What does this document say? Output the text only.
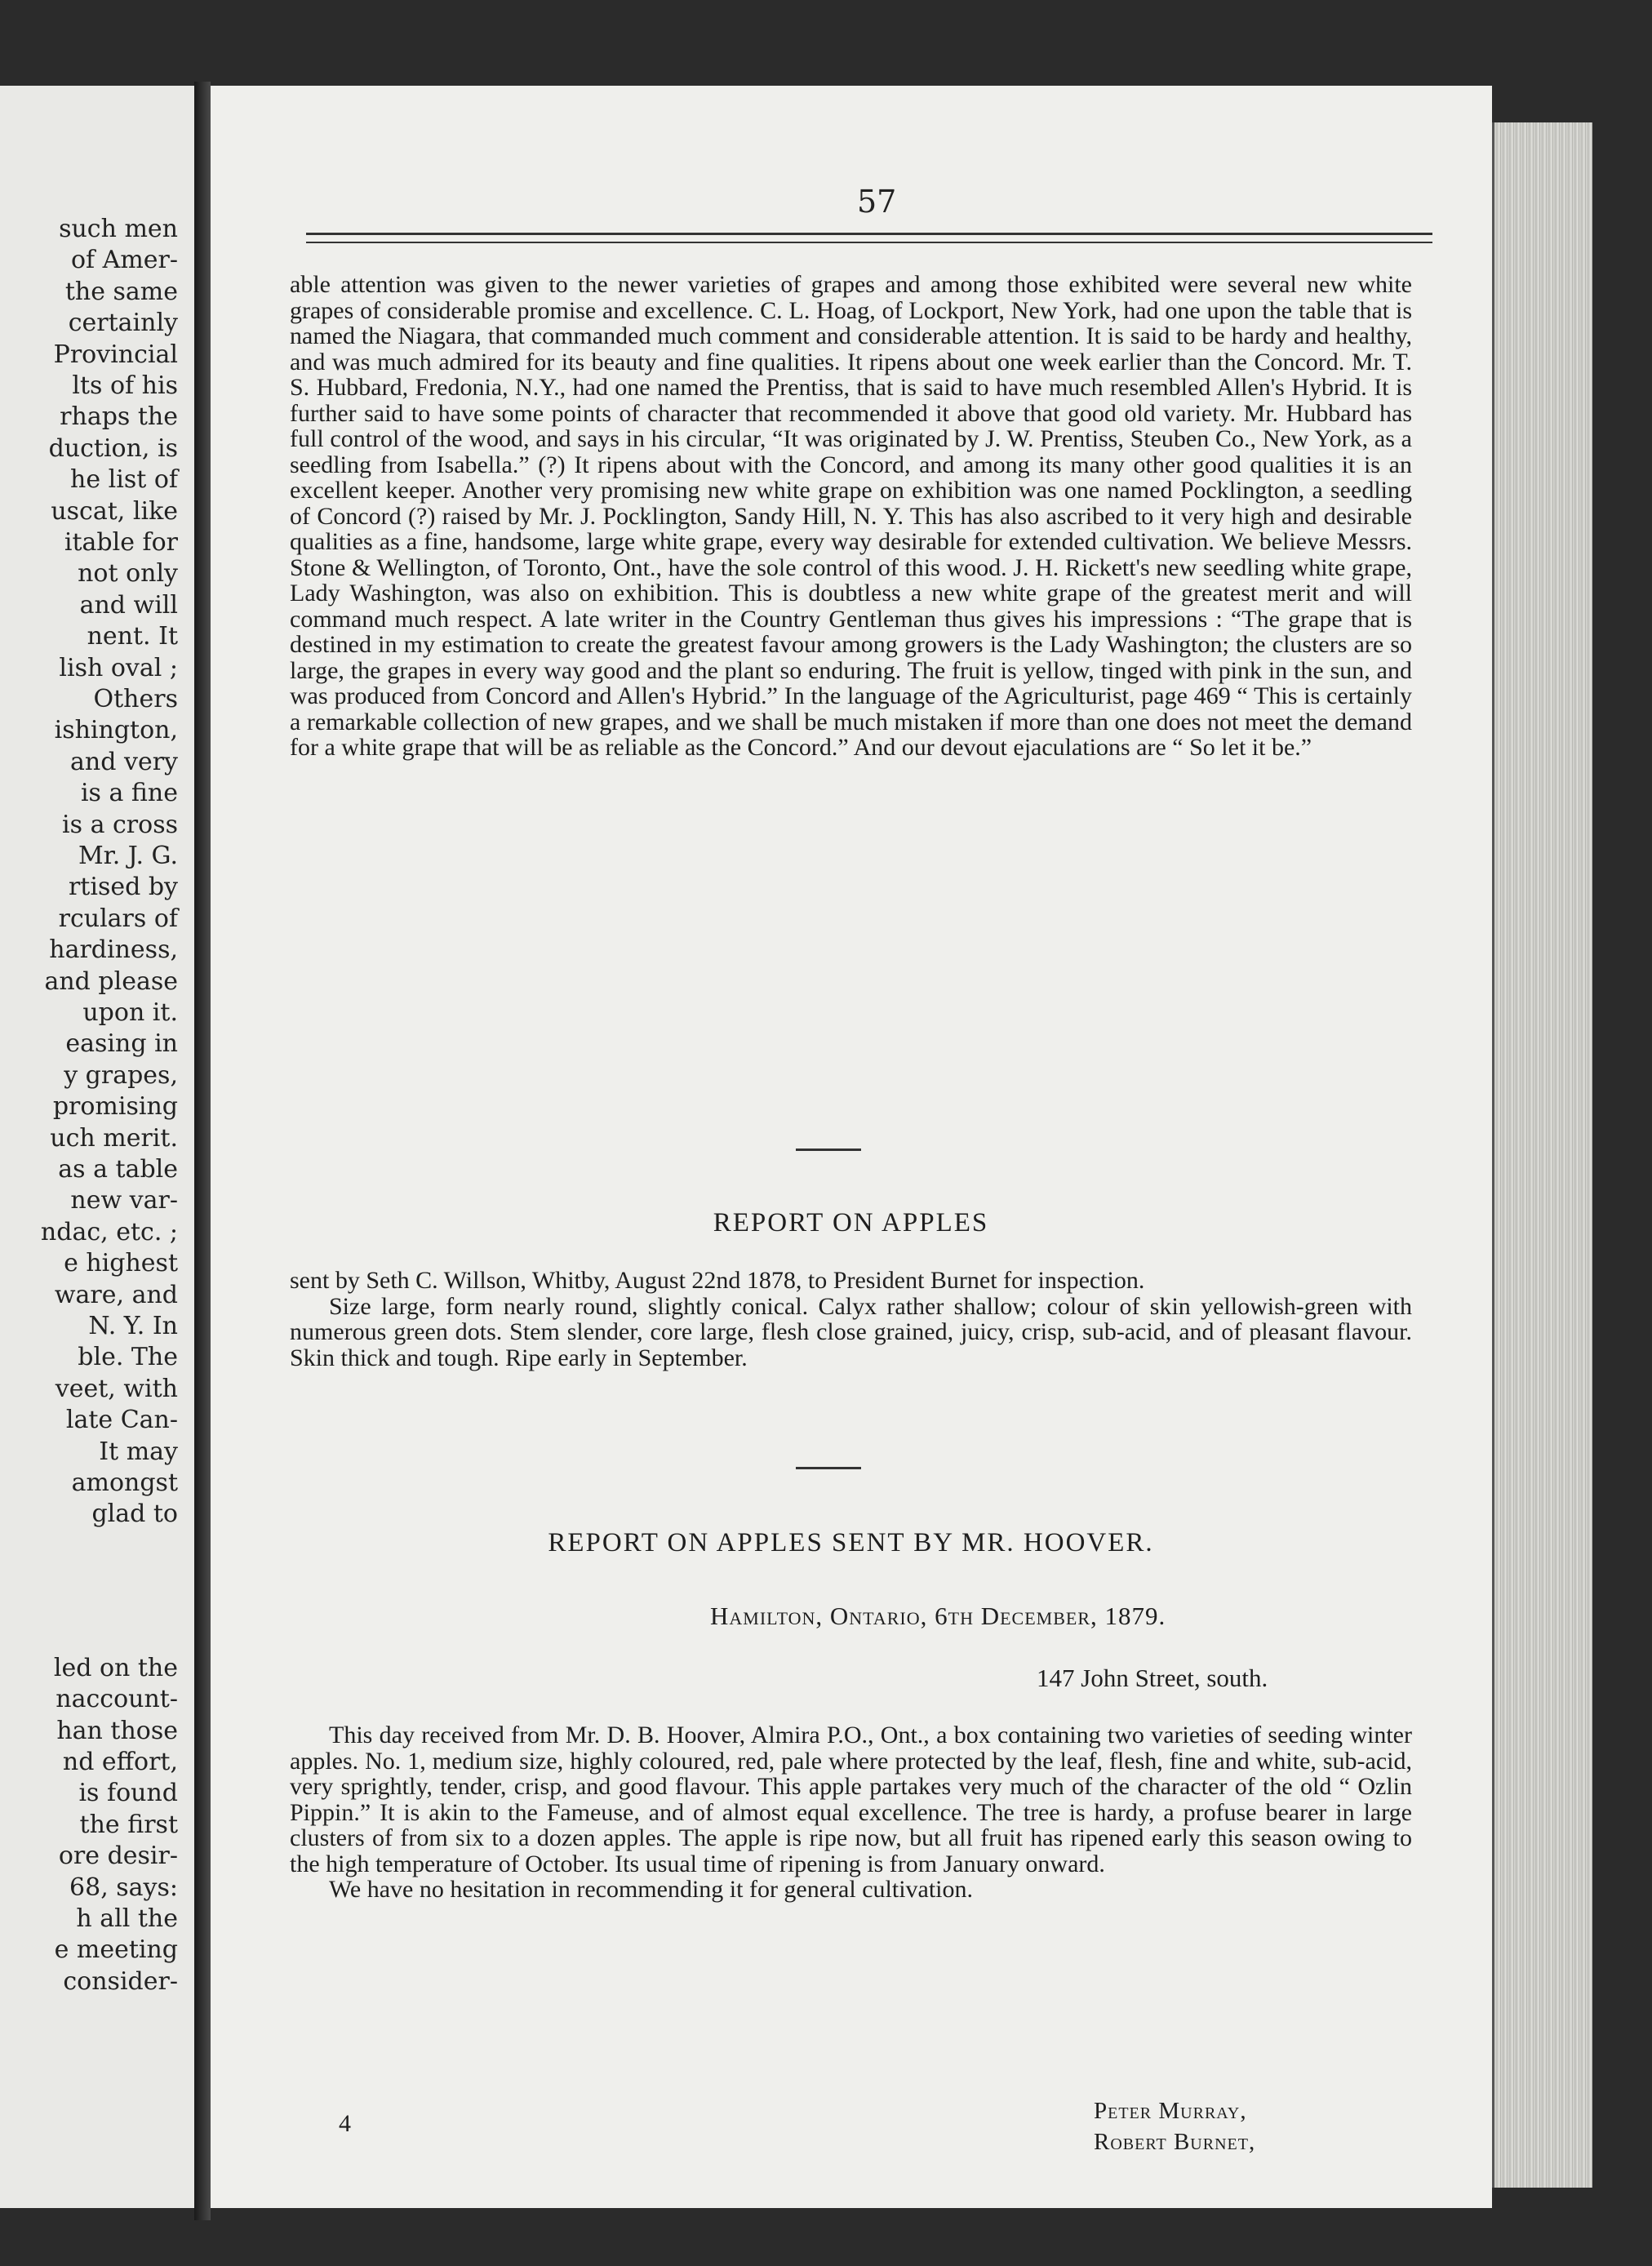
such men
of Amer-
the same
certainly
Provincial
lts of his
rhaps the
duction, is
he list of
uscat, like
itable for
not only
and will
nent. It
lish oval ;
Others
ishington,
and very
is a fine
is a cross
Mr. J. G.
rtised by
rculars of
hardiness,
and please
upon it.
easing in
y grapes,
promising
uch merit.
as a table
new var-
ndac, etc. ;
e highest
ware, and
N. Y. In
ble. The
veet, with
late Can-
It may
amongst
glad to
led on the
naccount-
han those
nd effort,
is found
the first
ore desir-
68, says:
h all the
e meeting
consider-
57

able attention was given to the newer varieties of grapes and among those exhibited were several new white grapes of considerable promise and excellence. C. L. Hoag, of Lockport, New York, had one upon the table that is named the Niagara, that commanded much comment and considerable attention. It is said to be hardy and healthy, and was much admired for its beauty and fine qualities. It ripens about one week earlier than the Concord. Mr. T. S. Hubbard, Fredonia, N.Y., had one named the Prentiss, that is said to have much resembled Allen's Hybrid. It is further said to have some points of character that recommended it above that good old variety. Mr. Hubbard has full control of the wood, and says in his circular, “It was originated by J. W. Prentiss, Steuben Co., New York, as a seedling from Isabella.” (?) It ripens about with the Concord, and among its many other good qualities it is an excellent keeper. Another very promising new white grape on exhibition was one named Pocklington, a seedling of Concord (?) raised by Mr. J. Pocklington, Sandy Hill, N. Y. This has also ascribed to it very high and desirable qualities as a fine, handsome, large white grape, every way desirable for extended cultivation. We believe Messrs. Stone & Wellington, of Toronto, Ont., have the sole control of this wood. J. H. Rickett's new seedling white grape, Lady Washington, was also on exhibition. This is doubtless a new white grape of the greatest merit and will command much respect. A late writer in the Country Gentleman thus gives his impressions : “The grape that is destined in my estimation to create the greatest favour among growers is the Lady Washington; the clusters are so large, the grapes in every way good and the plant so enduring. The fruit is yellow, tinged with pink in the sun, and was produced from Concord and Allen's Hybrid.” In the language of the Agriculturist, page 469 “ This is certainly a remarkable collection of new grapes, and we shall be much mistaken if more than one does not meet the demand for a white grape that will be as reliable as the Concord.” And our devout ejaculations are “ So let it be.”

REPORT ON APPLES

sent by Seth C. Willson, Whitby, August 22nd 1878, to President Burnet for inspection.

Size large, form nearly round, slightly conical. Calyx rather shallow; colour of skin yellowish-green with numerous green dots. Stem slender, core large, flesh close grained, juicy, crisp, sub-acid, and of pleasant flavour. Skin thick and tough. Ripe early in September.

REPORT ON APPLES SENT BY MR. HOOVER.
Hamilton, Ontario, 6th December, 1879.
147 John Street, south.

This day received from Mr. D. B. Hoover, Almira P.O., Ont., a box containing two varieties of seeding winter apples. No. 1, medium size, highly coloured, red, pale where protected by the leaf, flesh, fine and white, sub-acid, very sprightly, tender, crisp, and good flavour. This apple partakes very much of the character of the old “ Ozlin Pippin.” It is akin to the Fameuse, and of almost equal excellence. The tree is hardy, a profuse bearer in large clusters of from six to a dozen apples. The apple is ripe now, but all fruit has ripened early this season owing to the high temperature of October. Its usual time of ripening is from January onward.

We have no hesitation in recommending it for general cultivation.

Peter Murray,
Robert Burnet,
4
